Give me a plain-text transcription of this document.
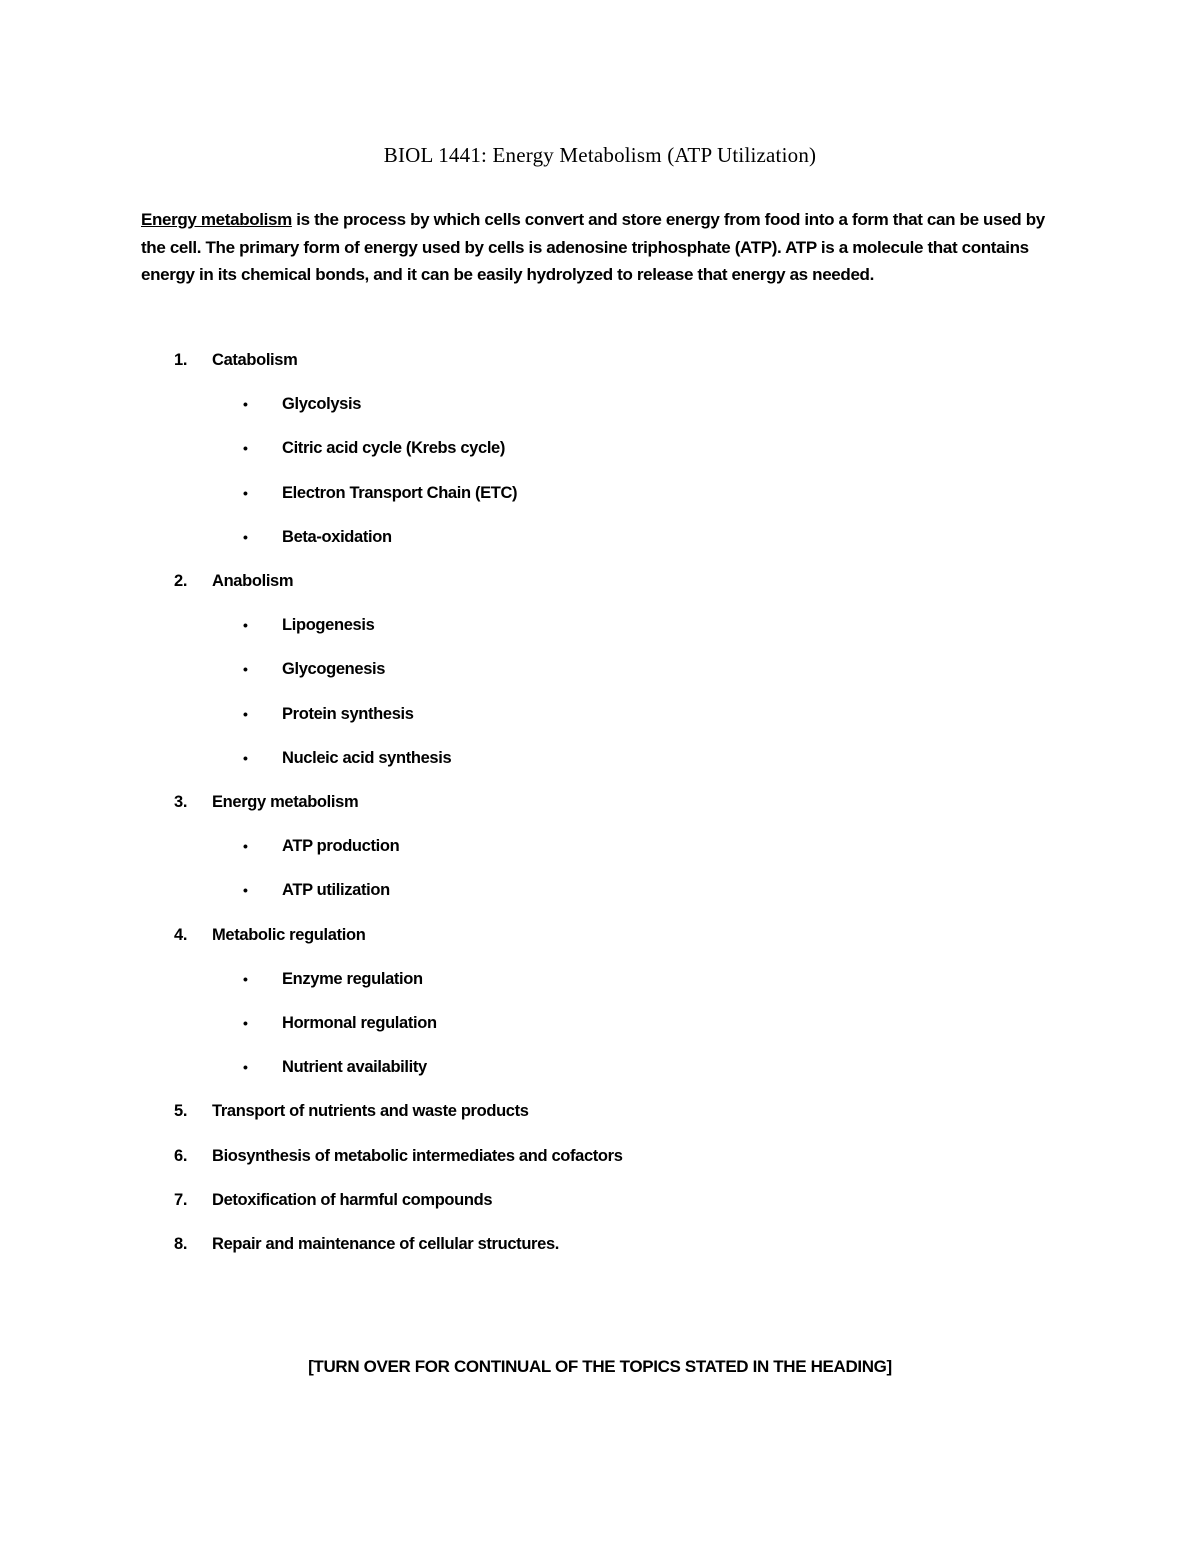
BIOL 1441: Energy Metabolism (ATP Utilization)

Energy metabolism is the process by which cells convert and store energy from food into a form that can be used by the cell. The primary form of energy used by cells is adenosine triphosphate (ATP). ATP is a molecule that contains energy in its chemical bonds, and it can be easily hydrolyzed to release that energy as needed.

1. Catabolism
• Glycolysis
• Citric acid cycle (Krebs cycle)
• Electron Transport Chain (ETC)
• Beta-oxidation
2. Anabolism
• Lipogenesis
• Glycogenesis
• Protein synthesis
• Nucleic acid synthesis
3. Energy metabolism
• ATP production
• ATP utilization
4. Metabolic regulation
• Enzyme regulation
• Hormonal regulation
• Nutrient availability
5. Transport of nutrients and waste products
6. Biosynthesis of metabolic intermediates and cofactors
7. Detoxification of harmful compounds
8. Repair and maintenance of cellular structures.
[TURN OVER FOR CONTINUAL OF THE TOPICS STATED IN THE HEADING]
